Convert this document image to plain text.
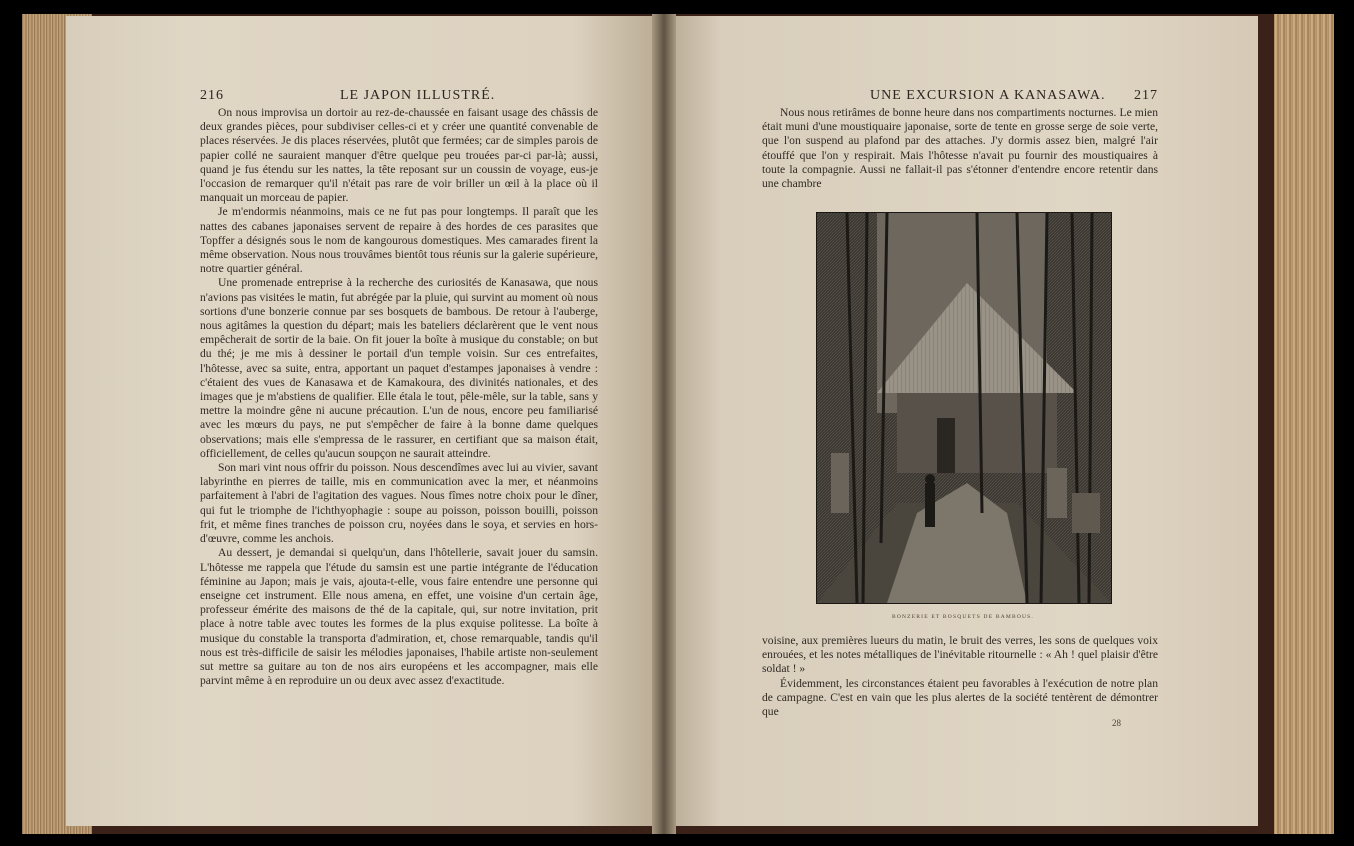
216	LE JAPON ILLUSTRÉ.

On nous improvisa un dortoir au rez-de-chaussée en faisant usage des châssis de deux grandes pièces, pour subdiviser celles-ci et y créer une quantité convenable de places réservées. Je dis places réservées, plutôt que fermées; car de simples parois de papier collé ne sauraient manquer d'être quelque peu trouées par-ci par-là; aussi, quand je fus étendu sur les nattes, la tête reposant sur un coussin de voyage, eus-je l'occasion de remarquer qu'il n'était pas rare de voir briller un œil à la place où il manquait un morceau de papier.

Je m'endormis néanmoins, mais ce ne fut pas pour longtemps. Il paraît que les nattes des cabanes japonaises servent de repaire à des hordes de ces parasites que Topffer a désignés sous le nom de kangourous domestiques. Mes camarades firent la même observation. Nous nous trouvâmes bientôt tous réunis sur la galerie supérieure, notre quartier général.

Une promenade entreprise à la recherche des curiosités de Kanasawa, que nous n'avions pas visitées le matin, fut abrégée par la pluie, qui survint au moment où nous sortions d'une bonzerie connue par ses bosquets de bambous. De retour à l'auberge, nous agitâmes la question du départ; mais les bateliers déclarèrent que le vent nous empêcherait de sortir de la baie. On fit jouer la boîte à musique du constable; on but du thé; je me mis à dessiner le portail d'un temple voisin. Sur ces entrefaites, l'hôtesse, avec sa suite, entra, apportant un paquet d'estampes japonaises à vendre : c'étaient des vues de Kanasawa et de Kamakoura, des divinités nationales, et des images que je m'abstiens de qualifier. Elle étala le tout, pêle-mêle, sur la table, sans y mettre la moindre gêne ni aucune précaution. L'un de nous, encore peu familiarisé avec les mœurs du pays, ne put s'empêcher de faire à la bonne dame quelques observations; mais elle s'empressa de le rassurer, en certifiant que sa maison était, officiellement, de celles qu'aucun soupçon ne saurait atteindre.

Son mari vint nous offrir du poisson. Nous descendîmes avec lui au vivier, savant labyrinthe en pierres de taille, mis en communication avec la mer, et néanmoins parfaitement à l'abri de l'agitation des vagues. Nous fîmes notre choix pour le dîner, qui fut le triomphe de l'ichthyophagie : soupe au poisson, poisson bouilli, poisson frit, et même fines tranches de poisson cru, noyées dans le soya, et servies en hors-d'œuvre, comme les anchois.

Au dessert, je demandai si quelqu'un, dans l'hôtellerie, savait jouer du samsin. L'hôtesse me rappela que l'étude du samsin est une partie intégrante de l'éducation féminine au Japon; mais je vais, ajouta-t-elle, vous faire entendre une personne qui enseigne cet instrument. Elle nous amena, en effet, une voisine d'un certain âge, professeur émérite des maisons de thé de la capitale, qui, sur notre invitation, prit place à notre table avec toutes les formes de la plus exquise politesse. La boîte à musique du constable la transporta d'admiration, et, chose remarquable, tandis qu'il nous est très-difficile de saisir les mélodies japonaises, l'habile artiste non-seulement sut mettre sa guitare au ton de nos airs européens et les accompagner, mais elle parvint même à en reproduire un ou deux avec assez d'exactitude.

UNE EXCURSION A KANASAWA. 217

Nous nous retirâmes de bonne heure dans nos compartiments nocturnes. Le mien était muni d'une moustiquaire japonaise, sorte de tente en grosse serge de soie verte, que l'on suspend au plafond par des attaches. J'y dormis assez bien, malgré l'air étouffé que l'on y respirait. Mais l'hôtesse n'avait pu fournir des moustiquaires à toute la compagnie. Aussi ne fallait-il pas s'étonner d'entendre encore retentir dans une chambre

BONZERIE ET BOSQUETS DE BAMBOUS.

voisine, aux premières lueurs du matin, le bruit des verres, les sons de quelques voix enrouées, et les notes métalliques de l'inévitable ritournelle : « Ah ! quel plaisir d'être soldat ! »

Évidemment, les circonstances étaient peu favorables à l'exécution de notre plan de campagne. C'est en vain que les plus alertes de la société tentèrent de démontrer que

28
